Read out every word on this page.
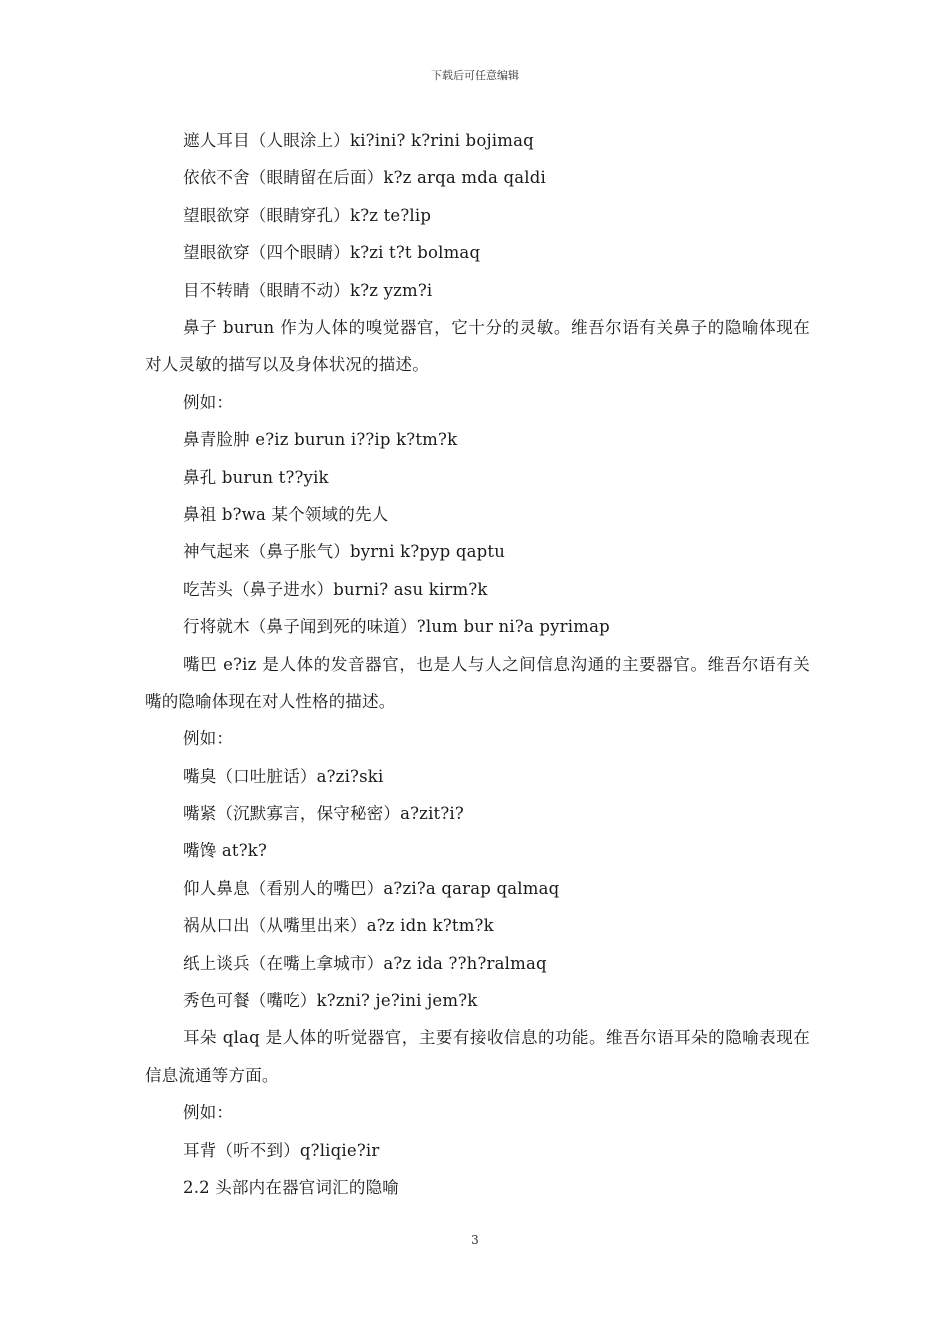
下载后可任意编辑
遮人耳目（人眼涂上）ki?ini? k?rini bojimaq
依依不舍（眼睛留在后面）k?z arqa mda qaldi
望眼欲穿（眼睛穿孔）k?z te?lip
望眼欲穿（四个眼睛）k?zi t?t bolmaq
目不转睛（眼睛不动）k?z yzm?i
鼻子 burun 作为人体的嗅觉器官，它十分的灵敏。维吾尔语有关鼻子的隐喻体现在对人灵敏的描写以及身体状况的描述。
例如：
鼻青脸肿 e?iz burun i??ip k?tm?k
鼻孔 burun t??yik
鼻祖 b?wa 某个领域的先人
神气起来（鼻子胀气）byrni k?pyp qaptu
吃苦头（鼻子进水）burni? asu kirm?k
行将就木（鼻子闻到死的味道）?lum bur ni?a pyrimap
嘴巴 e?iz 是人体的发音器官，也是人与人之间信息沟通的主要器官。维吾尔语有关嘴的隐喻体现在对人性格的描述。
例如：
嘴臭（口吐脏话）a?zi?ski
嘴紧（沉默寡言，保守秘密）a?zit?i?
嘴馋 at?k?
仰人鼻息（看别人的嘴巴）a?zi?a qarap qalmaq
祸从口出（从嘴里出来）a?z idn k?tm?k
纸上谈兵（在嘴上拿城市）a?z ida ??h?ralmaq
秀色可餐（嘴吃）k?zni? je?ini jem?k
耳朵 qlaq 是人体的听觉器官，主要有接收信息的功能。维吾尔语耳朵的隐喻表现在信息流通等方面。
例如：
耳背（听不到）q?liqie?ir
2.2 头部内在器官词汇的隐喻
3
